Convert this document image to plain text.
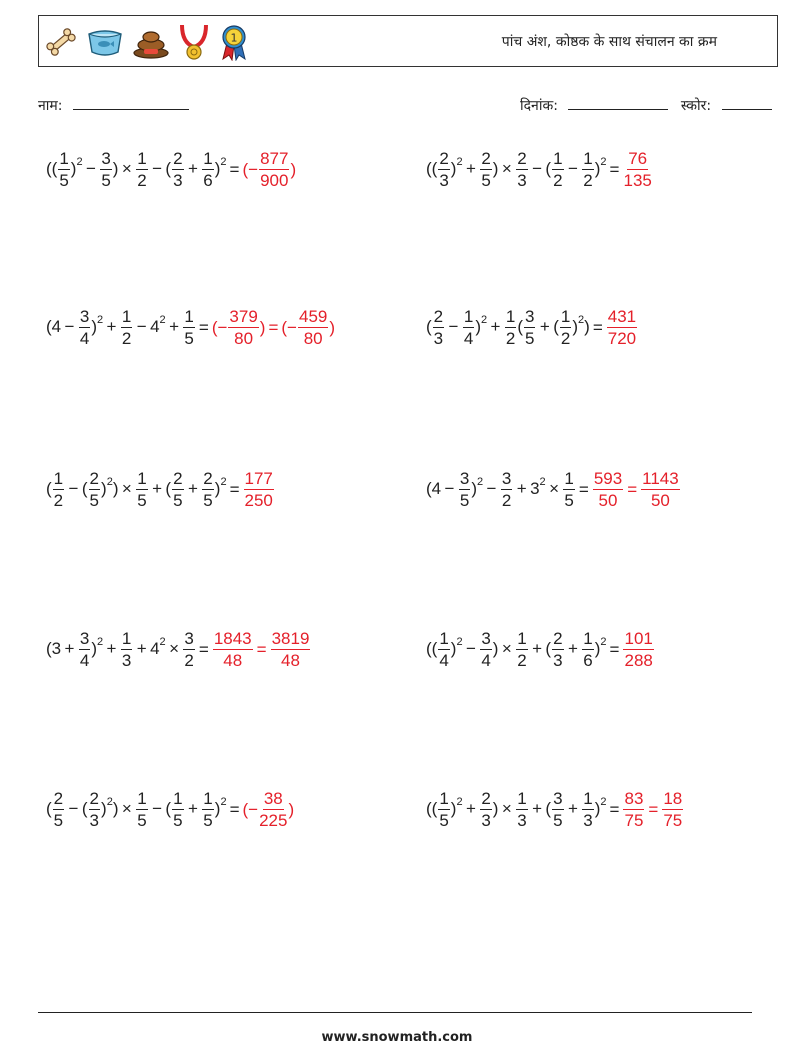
1	पांच अंश, कोष्ठक के साथ संचालन का क्रम
नाम:	दिनांक:	स्कोर:
(( $\frac{1}{5} )^2 - \frac{3}{5}$ ) ×  $\frac{1}{2}$  − ( $\frac{2}{3} + \frac{1}{6} )^2$ = (− $\frac{877}{900}$ )	(( $\frac{2}{3} )^2 + \frac{2}{5}$ ) ×  $\frac{2}{3}$  − ( $\frac{1}{2} - \frac{1}{2} )^2 = \frac{76}{135}$
$(4 - \frac{3}{4} )^2 + \frac{1}{2} - 4^2 + \frac{1}{5}$ = (− $\frac{379}{80}$ ) = (− $\frac{459}{80}$ )	( $\frac{2}{3} - \frac{1}{4} )^2 + \frac{1}{2}$ ( $\frac{3}{5}$  + ( $\frac{1}{2} )^2) = \frac{431}{720}$
( $\frac{1}{2}$  − ( $\frac{2}{5} )^2) \times \frac{1}{5}$  + ( $\frac{2}{5} + \frac{2}{5} )^2 = \frac{177}{250}$	$(4 - \frac{3}{5} )^2 - \frac{3}{2} + 3^2 \times \frac{1}{5} = \frac{593}{50} = \frac{1143}{50}$
$(3 + \frac{3}{4} )^2 + \frac{1}{3} + 4^2 \times \frac{3}{2} = \frac{1843}{48} = \frac{3819}{48}$	(( $\frac{1}{4} )^2 - \frac{3}{4}$ ) ×  $\frac{1}{2}$  + ( $\frac{2}{3} + \frac{1}{6} )^2 = \frac{101}{288}$
( $\frac{2}{5}$  − ( $\frac{2}{3} )^2) \times \frac{1}{5}$  − ( $\frac{1}{5} + \frac{1}{5} )^2$ = (− $\frac{38}{225}$ )	(( $\frac{1}{5} )^2 + \frac{2}{3}$ ) ×  $\frac{1}{3}$  + ( $\frac{3}{5} + \frac{1}{3} )^2 = \frac{83}{75} = \frac{18}{75}$
www.snowmath.com
